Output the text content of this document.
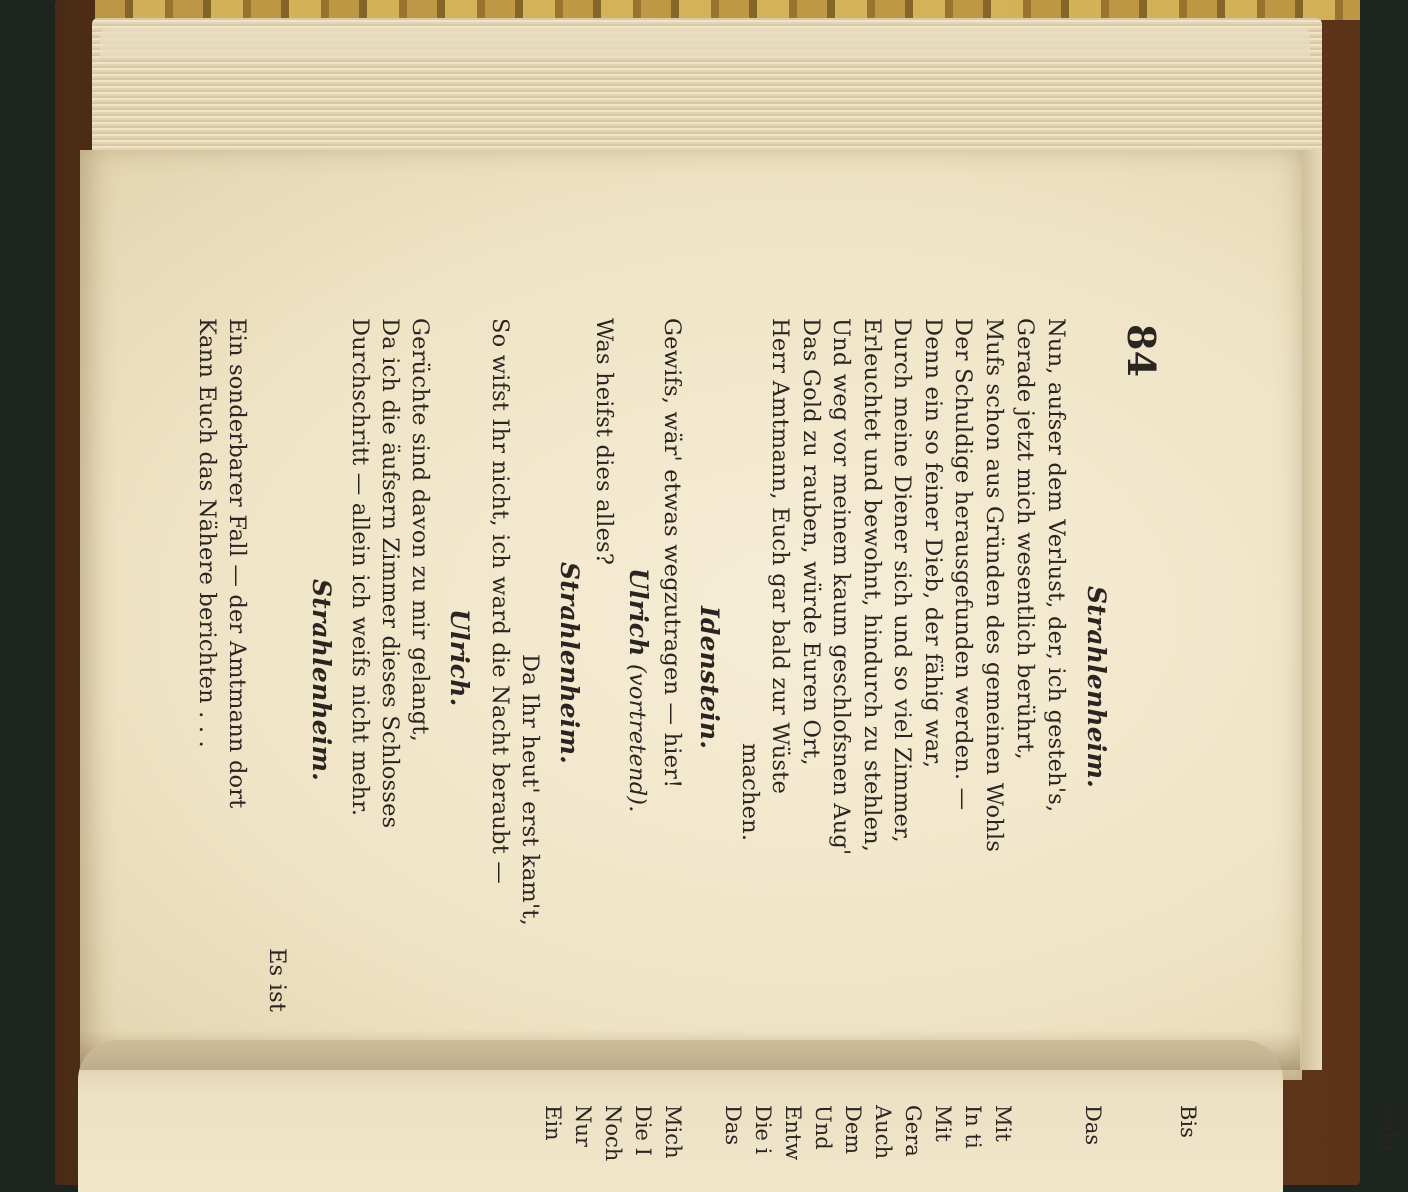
84
Strahlenheim.
Nun, aufser dem Verlust, der, ich gesteh's,
Gerade jetzt mich wesentlich berührt,
Mufs schon aus Gründen des gemeinen Wohls
Der Schuldige herausgefunden werden. —
Denn ein so feiner Dieb, der fähig war,
Durch meine Diener sich und so viel Zimmer,
Erleuchtet und bewohnt, hindurch zu stehlen,
Und weg vor meinem kaum geschlofsnen Aug'
Das Gold zu rauben, würde Euren Ort,
Herr Amtmann, Euch gar bald zur Wüste
machen.
Idenstein.
Gewifs, wär' etwas wegzutragen — hier!
Ulrich (vortretend).
Was heifst dies alles?
Strahlenheim.
Da Ihr heut' erst kam't,
So wifst Ihr nicht, ich ward die Nacht beraubt —
Ulrich.
Gerüchte sind davon zu mir gelangt,
Da ich die äufsern Zimmer dieses Schlosses
Durchschritt — allein ich weifs nicht mehr.
Strahlenheim.
Es ist
Ein sonderbarer Fall — der Amtmann dort
Kann Euch das Nähere berichten . . .
Sehr
Bis
Das
Mit
In ti
Mit
Gera
Auch
Dem
Und
Entw
Die i
Das
Mich
Die I
Noch
Nur
Ein
